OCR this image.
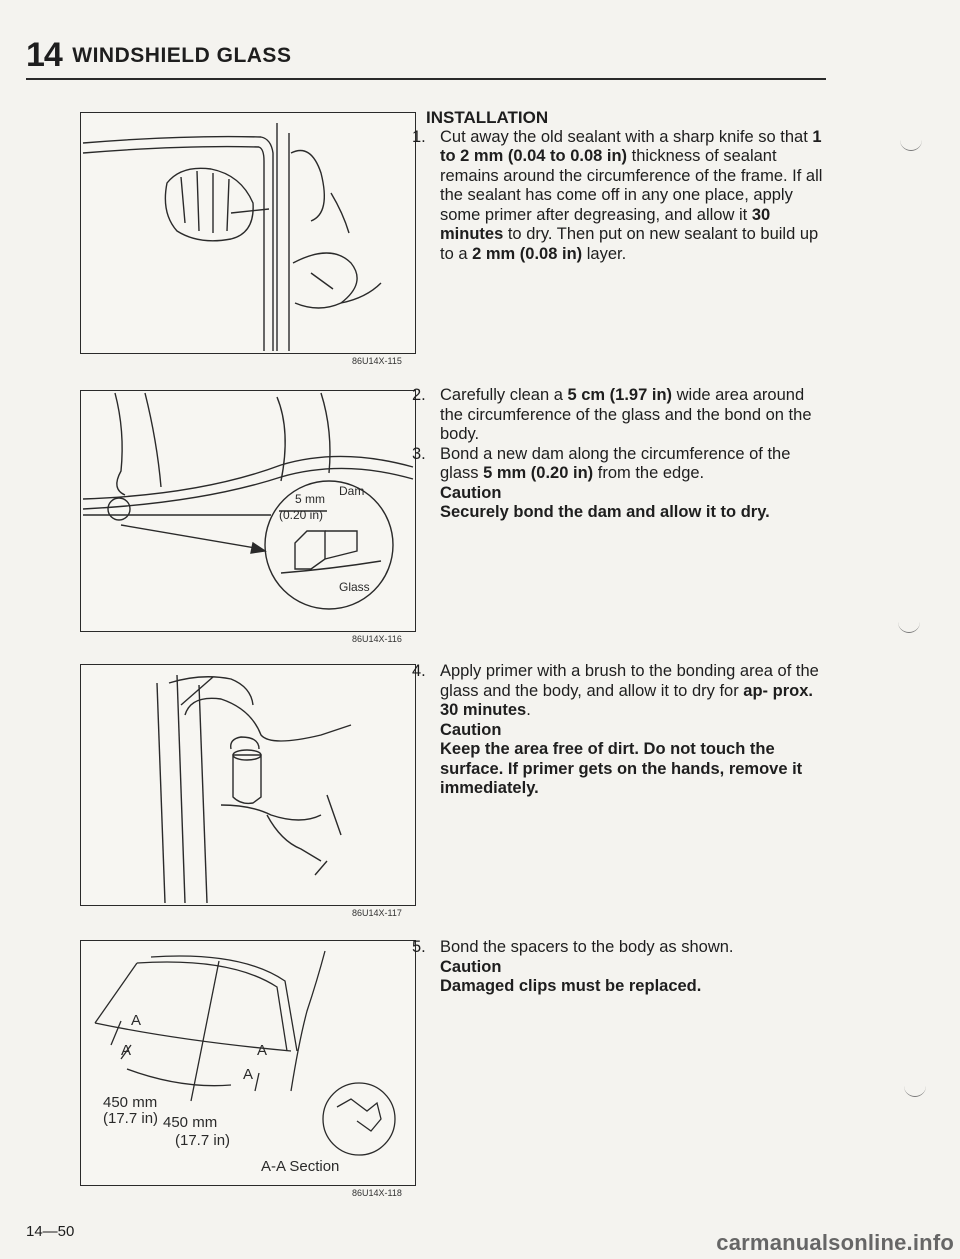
14 WINDSHIELD GLASS
86U14X-115
5 mm
Dam
(0.20 in)
Glass
86U14X-116
86U14X-117
A
A	A
A
450 mm
(17.7 in) 450 mm
(17.7 in)
A-A Section
86U14X-118

INSTALLATION

1. Cut away the old sealant with a sharp knife so that 1 to 2 mm (0.04 to 0.08 in) thickness of sealant remains around the circumference of the frame. If all the sealant has come off in any one place, apply some primer after degreasing, and allow it 30 minutes to dry. Then put on new sealant to build up to a 2 mm (0.08 in) layer.

2. Carefully clean a 5 cm (1.97 in) wide area around the circumference of the glass and the bond on the body.

3. Bond a new dam along the circumference of the glass 5 mm (0.20 in) from the edge.

Caution

Securely bond the dam and allow it to dry.

4. Apply primer with a brush to the bonding area of the glass and the body, and allow it to dry for ap- prox. 30 minutes.

Caution

Keep the area free of dirt. Do not touch the surface. If primer gets on the hands, remove it immediately.

5. Bond the spacers to the body as shown.

Caution

Damaged clips must be replaced.

14—50	carmanualsonline.info
